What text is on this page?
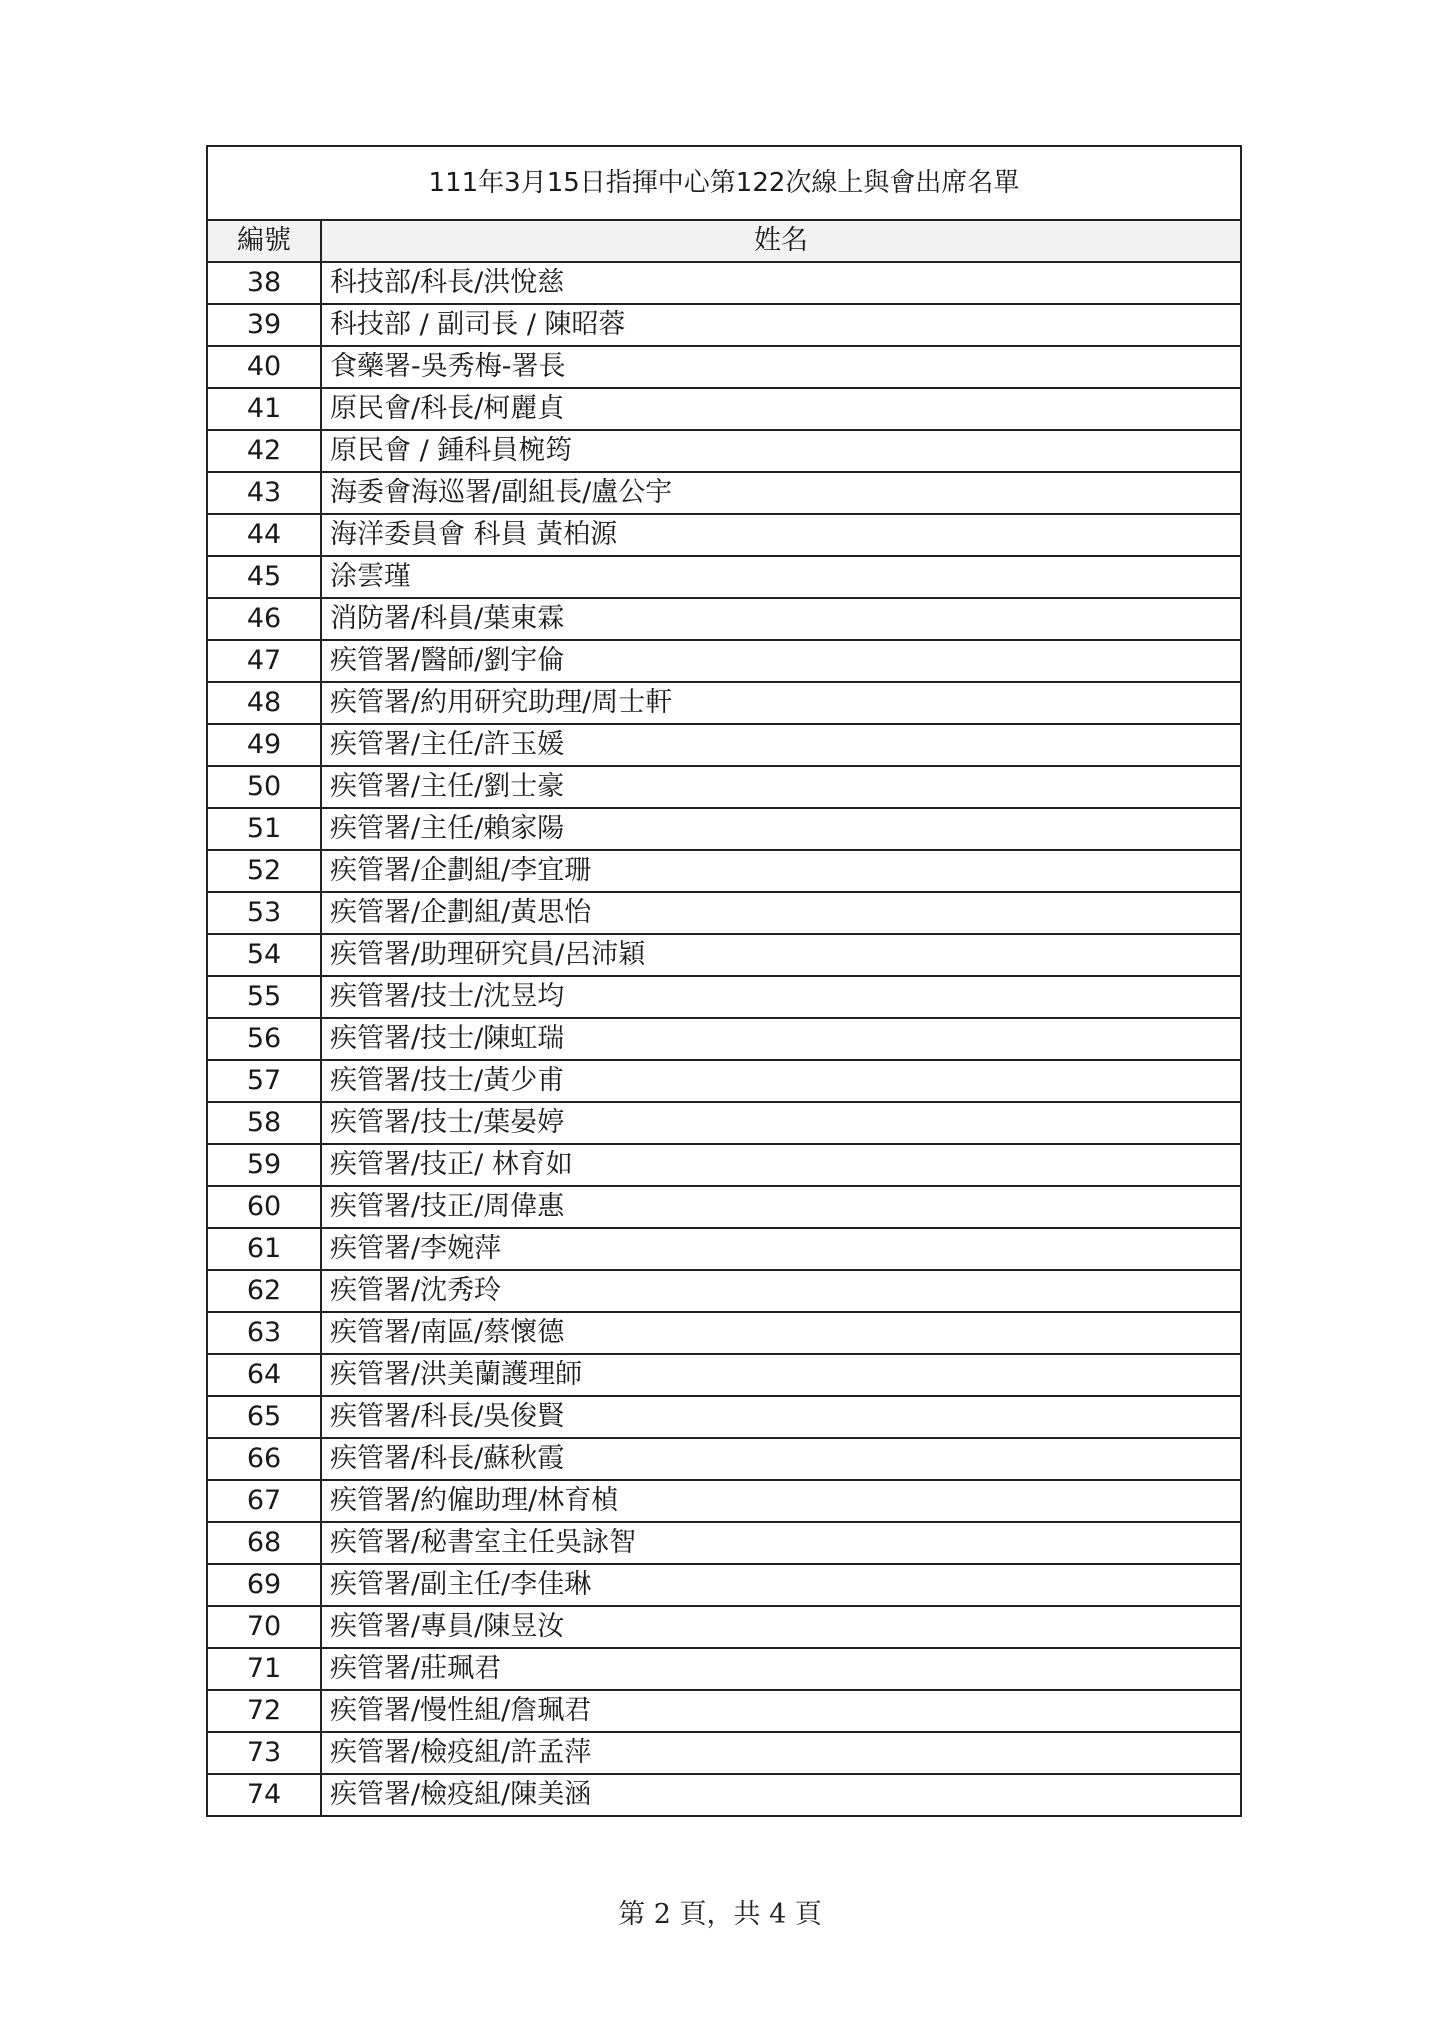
111年3月15日指揮中心第122次線上與會出席名單	
編號	姓名
38	科技部/科長/洪悅慈
39	科技部 / 副司長 / 陳昭蓉
40	食藥署-吳秀梅-署長
41	原民會/科長/柯麗貞
42	原民會 / 鍾科員椀筠
43	海委會海巡署/副組長/盧公宇
44	海洋委員會 科員 黃柏源
45	涂雲瑾
46	消防署/科員/葉東霖
47	疾管署/醫師/劉宇倫
48	疾管署/約用研究助理/周士軒
49	疾管署/主任/許玉媛
50	疾管署/主任/劉士豪
51	疾管署/主任/賴家陽
52	疾管署/企劃組/李宜珊
53	疾管署/企劃組/黃思怡
54	疾管署/助理研究員/呂沛穎
55	疾管署/技士/沈昱均
56	疾管署/技士/陳虹瑞
57	疾管署/技士/黃少甫
58	疾管署/技士/葉晏婷
59	疾管署/技正/ 林育如
60	疾管署/技正/周偉惠
61	疾管署/李婉萍
62	疾管署/沈秀玲
63	疾管署/南區/蔡懷德
64	疾管署/洪美蘭護理師
65	疾管署/科長/吳俊賢
66	疾管署/科長/蘇秋霞
67	疾管署/約僱助理/林育楨
68	疾管署/秘書室主任吳詠智
69	疾管署/副主任/李佳琳
70	疾管署/專員/陳昱汝
71	疾管署/莊珮君
72	疾管署/慢性組/詹珮君
73	疾管署/檢疫組/許孟萍
74	疾管署/檢疫組/陳美涵
第 2 頁，共 4 頁
